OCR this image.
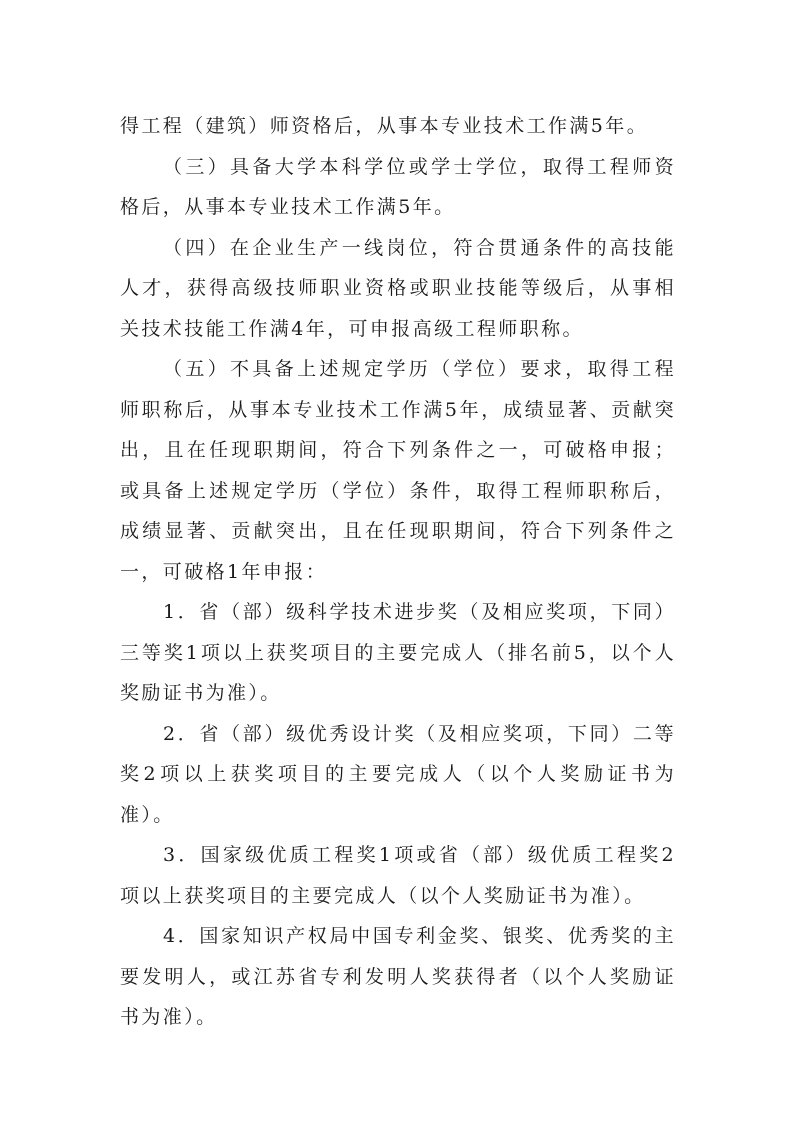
得工程（建筑）师资格后，从事本专业技术工作满5年。

（三）具备大学本科学位或学士学位，取得工程师资格后，从事本专业技术工作满5年。

（四）在企业生产一线岗位，符合贯通条件的高技能人才，获得高级技师职业资格或职业技能等级后，从事相关技术技能工作满4年，可申报高级工程师职称。

（五）不具备上述规定学历（学位）要求，取得工程师职称后，从事本专业技术工作满5年，成绩显著、贡献突出，且在任现职期间，符合下列条件之一，可破格申报；或具备上述规定学历（学位）条件，取得工程师职称后，成绩显著、贡献突出，且在任现职期间，符合下列条件之一，可破格1年申报：

1．省（部）级科学技术进步奖（及相应奖项，下同）三等奖1项以上获奖项目的主要完成人（排名前5，以个人奖励证书为准）。

2．省（部）级优秀设计奖（及相应奖项，下同）二等奖2项以上获奖项目的主要完成人（以个人奖励证书为准）。

3．国家级优质工程奖1项或省（部）级优质工程奖2项以上获奖项目的主要完成人（以个人奖励证书为准）。

4．国家知识产权局中国专利金奖、银奖、优秀奖的主要发明人，或江苏省专利发明人奖获得者（以个人奖励证书为准）。
